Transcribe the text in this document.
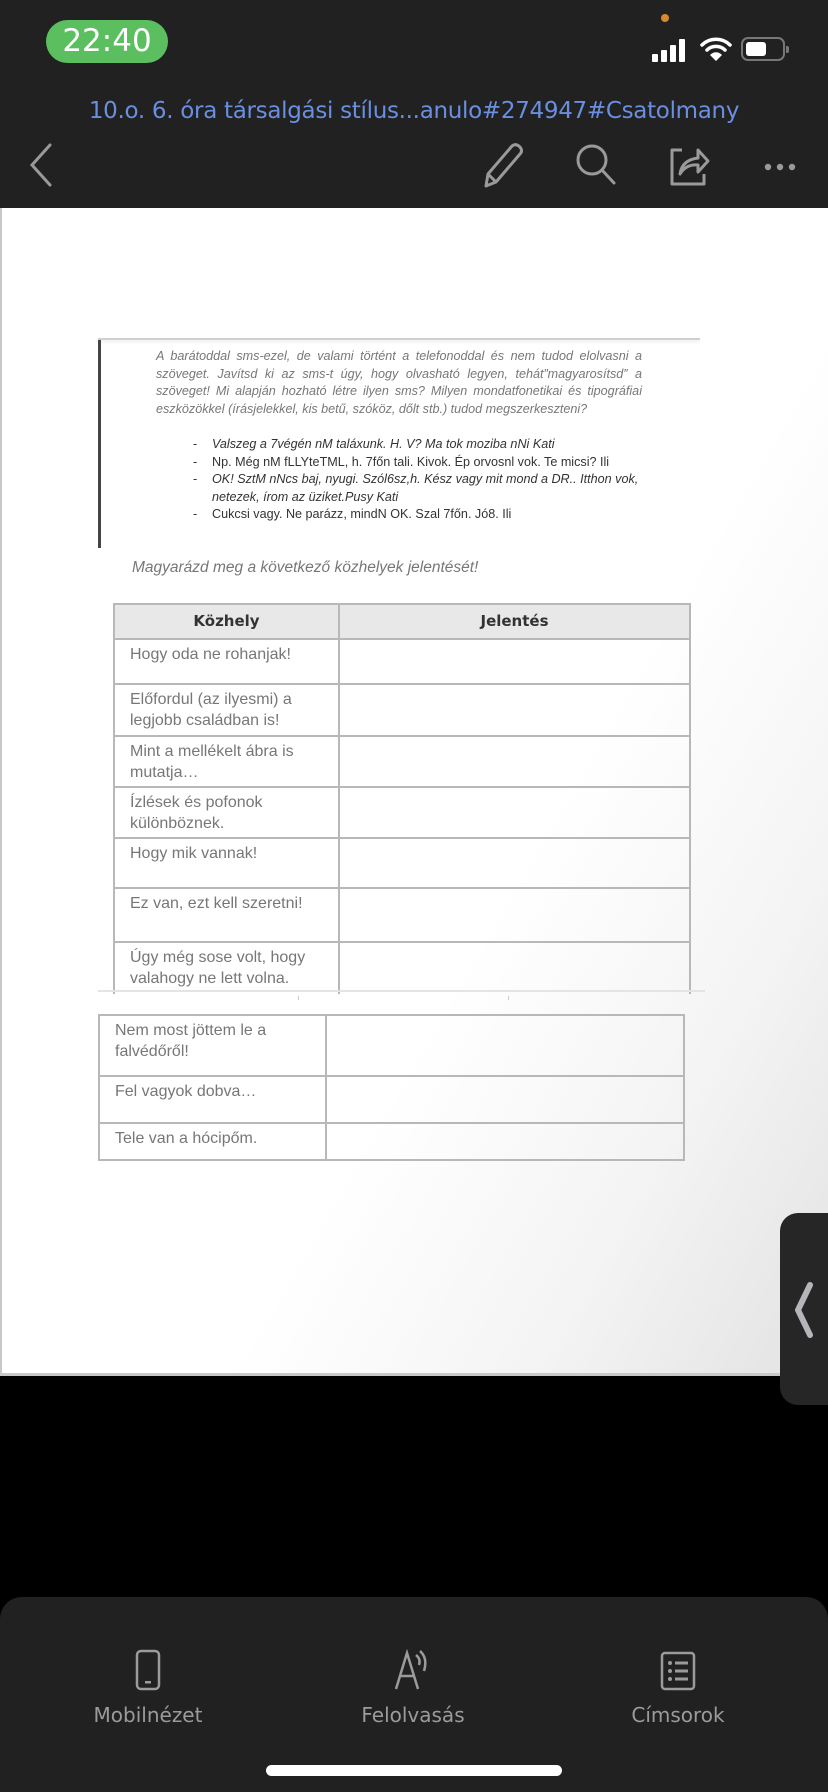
22:40
10.o. 6. óra társalgási stílus...anulo#274947#Csatolmany
A barátoddal sms-ezel, de valami történt a telefonoddal és nem tudod elolvasni a szöveget. Javítsd ki az sms-t úgy, hogy olvasható legyen, tehát”magyarosítsd” a szöveget! Mi alapján hozható létre ilyen sms? Milyen mondatfonetikai és tipográfiai eszközökkel (írásjelekkel, kis betű, szóköz, dőlt stb.) tudod megszerkeszteni?
- Valszeg a 7végén nM taláxunk. H. V? Ma tok moziba nNi Kati
- Np. Még nM fLLYteTML, h. 7főn tali. Kivok. Ép orvosnl vok. Te micsi? Ili
- OK! SztM nNcs baj, nyugi. Szól6sz,h. Kész vagy mit mond a DR.. Itthon vok, netezek, írom az üziket.Pusy Kati
- Cukcsi vagy. Ne parázz, mindN OK. Szal 7főn. Jó8. Ili
Magyarázd meg a következő közhelyek jelentését!
Közhely	Jelentés
Hogy oda ne rohanjak!	
Előfordul (az ilyesmi) a legjobb családban is!	
Mint a mellékelt ábra is mutatja…	
Ízlések és pofonok különböznek.	
Hogy mik vannak!	
Ez van, ezt kell szeretni!	
Úgy még sose volt, hogy valahogy ne lett volna.	
Nem most jöttem le a falvédőről!	
Fel vagyok dobva…	
Tele van a hócipőm.	
Mobilnézet	Felolvasás	Címsorok
